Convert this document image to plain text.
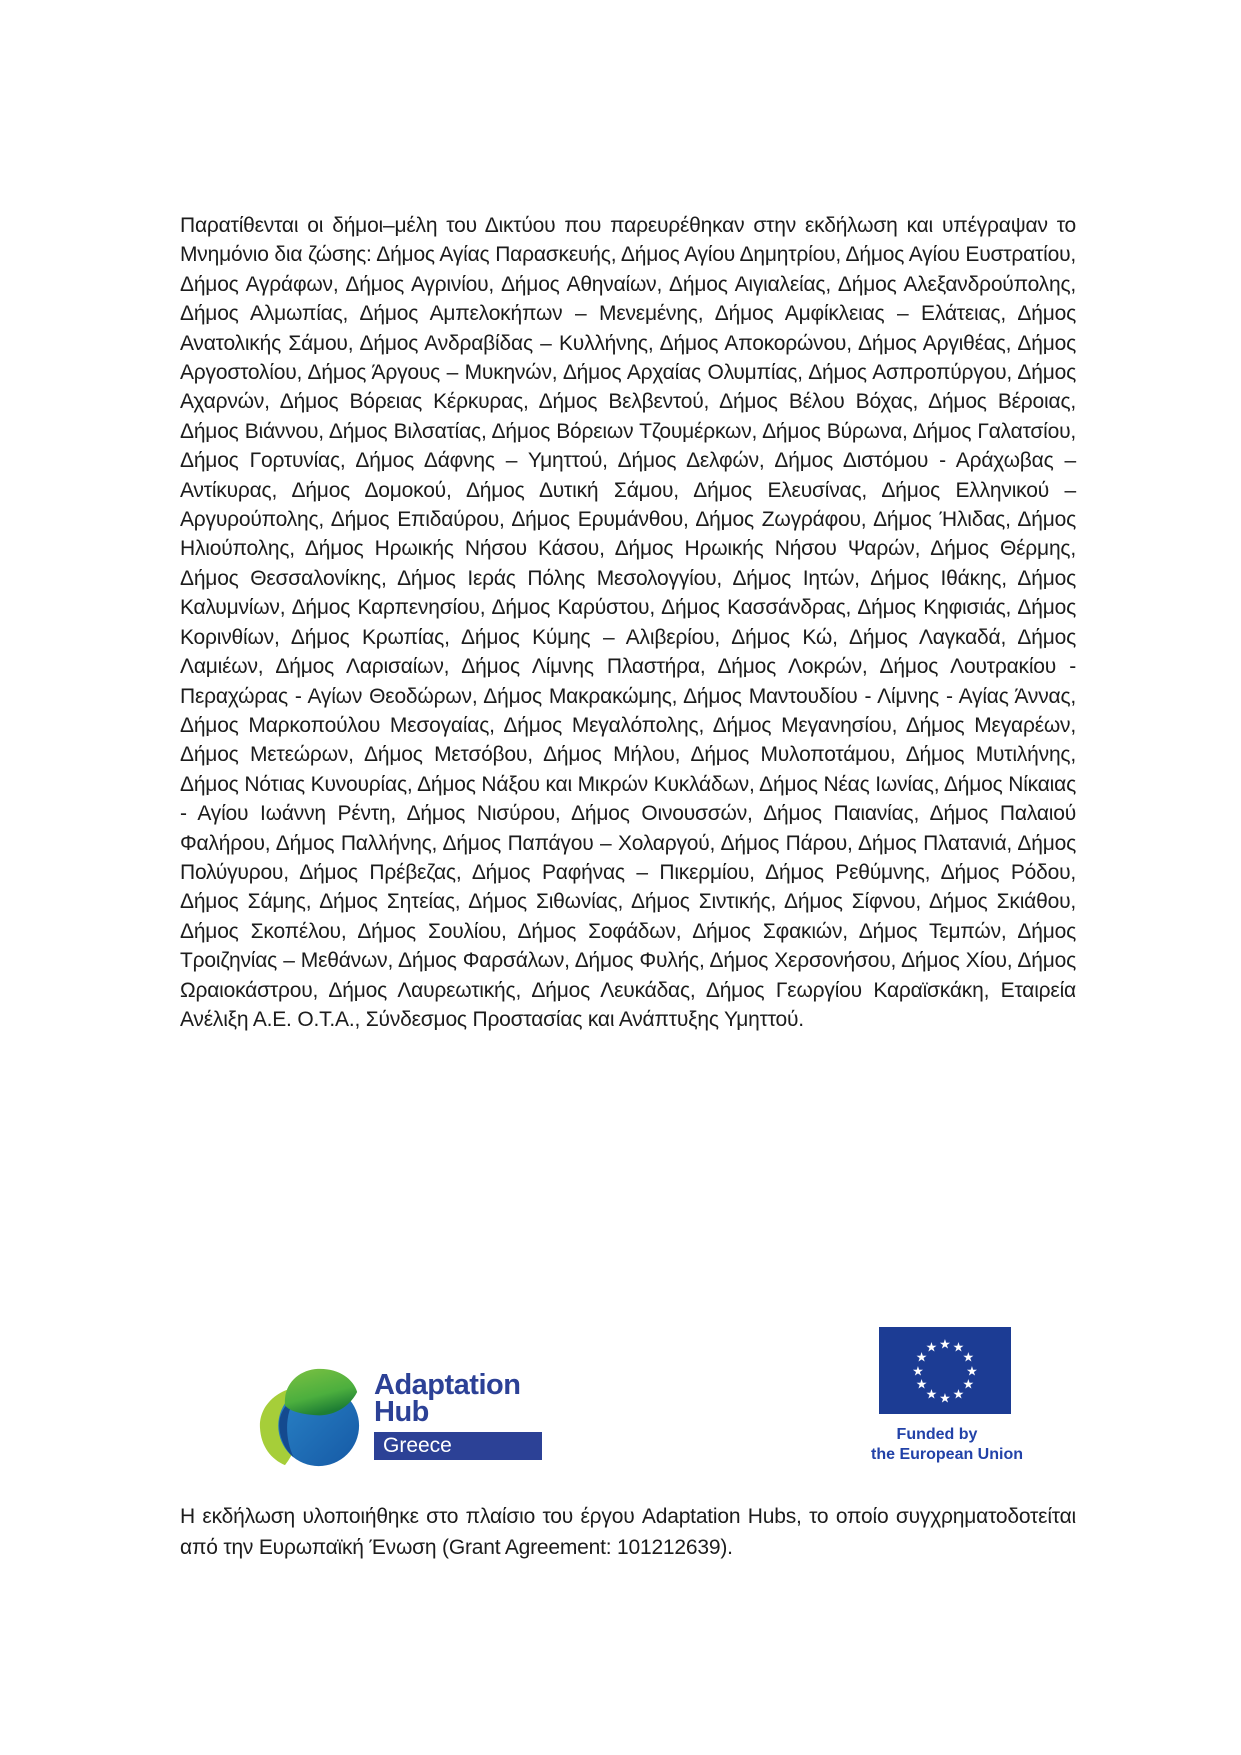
Παρατίθενται οι δήμοι–μέλη του Δικτύου που παρευρέθηκαν στην εκδήλωση και υπέγραψαν το Μνημόνιο δια ζώσης: Δήμος Αγίας Παρασκευής, Δήμος Αγίου Δημητρίου, Δήμος Αγίου Ευστρατίου, Δήμος Αγράφων, Δήμος Αγρινίου, Δήμος Αθηναίων, Δήμος Αιγιαλείας, Δήμος Αλεξανδρούπολης, Δήμος Αλμωπίας, Δήμος Αμπελοκήπων – Μενεμένης, Δήμος Αμφίκλειας – Ελάτειας, Δήμος Ανατολικής Σάμου, Δήμος Ανδραβίδας – Κυλλήνης, Δήμος Αποκορώνου, Δήμος Αργιθέας, Δήμος Αργοστολίου, Δήμος Άργους – Μυκηνών, Δήμος Αρχαίας Ολυμπίας, Δήμος Ασπροπύργου, Δήμος Αχαρνών, Δήμος Βόρειας Κέρκυρας, Δήμος Βελβεντού, Δήμος Βέλου Βόχας, Δήμος Βέροιας, Δήμος Βιάννου, Δήμος Βιλσατίας, Δήμος Βόρειων Τζουμέρκων, Δήμος Βύρωνα, Δήμος Γαλατσίου, Δήμος Γορτυνίας, Δήμος Δάφνης – Υμηττού, Δήμος Δελφών, Δήμος Διστόμου - Αράχωβας – Αντίκυρας, Δήμος Δομοκού, Δήμος Δυτική Σάμου, Δήμος Ελευσίνας, Δήμος Ελληνικού – Αργυρούπολης, Δήμος Επιδαύρου, Δήμος Ερυμάνθου, Δήμος Ζωγράφου, Δήμος Ήλιδας, Δήμος Ηλιούπολης, Δήμος Ηρωικής Νήσου Κάσου, Δήμος Ηρωικής Νήσου Ψαρών, Δήμος Θέρμης, Δήμος Θεσσαλονίκης, Δήμος Ιεράς Πόλης Μεσολογγίου, Δήμος Ιητών, Δήμος Ιθάκης, Δήμος Καλυμνίων, Δήμος Καρπενησίου, Δήμος Καρύστου, Δήμος Κασσάνδρας, Δήμος Κηφισιάς, Δήμος Κορινθίων, Δήμος Κρωπίας, Δήμος Κύμης – Αλιβερίου, Δήμος Κώ, Δήμος Λαγκαδά, Δήμος Λαμιέων, Δήμος Λαρισαίων, Δήμος Λίμνης Πλαστήρα, Δήμος Λοκρών, Δήμος Λουτρακίου - Περαχώρας - Αγίων Θεοδώρων, Δήμος Μακρακώμης, Δήμος Μαντουδίου - Λίμνης - Αγίας Άννας, Δήμος Μαρκοπούλου Μεσογαίας, Δήμος Μεγαλόπολης, Δήμος Μεγανησίου, Δήμος Μεγαρέων, Δήμος Μετεώρων, Δήμος Μετσόβου, Δήμος Μήλου, Δήμος Μυλοποτάμου, Δήμος Μυτιλήνης, Δήμος Νότιας Κυνουρίας, Δήμος Νάξου και Μικρών Κυκλάδων, Δήμος Νέας Ιωνίας, Δήμος Νίκαιας - Αγίου Ιωάννη Ρέντη, Δήμος Νισύρου, Δήμος Οινουσσών, Δήμος Παιανίας, Δήμος Παλαιού Φαλήρου, Δήμος Παλλήνης, Δήμος Παπάγου – Χολαργού, Δήμος Πάρου, Δήμος Πλατανιά, Δήμος Πολύγυρου, Δήμος Πρέβεζας, Δήμος Ραφήνας – Πικερμίου, Δήμος Ρεθύμνης, Δήμος Ρόδου, Δήμος Σάμης, Δήμος Σητείας, Δήμος Σιθωνίας, Δήμος Σιντικής, Δήμος Σίφνου, Δήμος Σκιάθου, Δήμος Σκοπέλου, Δήμος Σουλίου, Δήμος Σοφάδων, Δήμος Σφακιών, Δήμος Τεμπών, Δήμος Τροιζηνίας – Μεθάνων, Δήμος Φαρσάλων, Δήμος Φυλής, Δήμος Χερσονήσου, Δήμος Χίου, Δήμος Ωραιοκάστρου, Δήμος Λαυρεωτικής, Δήμος Λευκάδας, Δήμος Γεωργίου Καραϊσκάκη, Εταιρεία Ανέλιξη Α.Ε. Ο.Τ.Α., Σύνδεσμος Προστασίας και Ανάπτυξης Υμηττού.

Adaptation
Hub
Greece
★ ★
★
★
★
★
★
★
★
★
★
★
Funded by
the European Union

Η εκδήλωση υλοποιήθηκε στο πλαίσιο του έργου Adaptation Hubs, το οποίο συγχρηματοδοτείται από την Ευρωπαϊκή Ένωση (Grant Agreement: 101212639).
